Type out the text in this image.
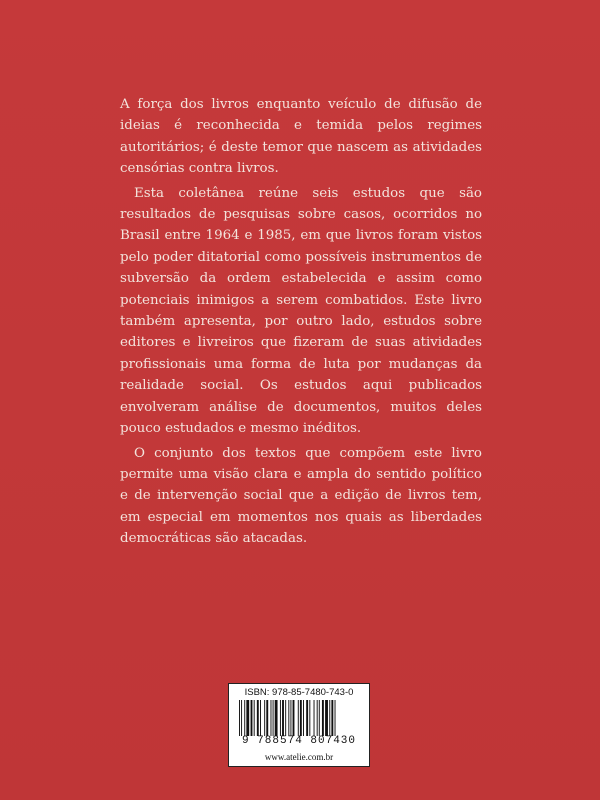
A força dos livros enquanto veículo de difusão de ideias é reconhecida e temida pelos regimes autoritários; é deste temor que nascem as atividades censórias contra livros.

Esta coletânea reúne seis estudos que são resultados de pesquisas sobre casos, ocorridos no Brasil entre 1964 e 1985, em que livros foram vistos pelo poder ditatorial como possíveis instrumentos de subversão da ordem estabelecida e assim como potenciais inimigos a serem combatidos. Este livro também apresenta, por outro lado, estudos sobre editores e livreiros que fizeram de suas atividades profissionais uma forma de luta por mudanças da realidade social. Os estudos aqui publicados envolveram análise de documentos, muitos deles pouco estudados e mesmo inéditos.

O conjunto dos textos que compõem este livro permite uma visão clara e ampla do sentido político e de intervenção social que a edição de livros tem, em especial em momentos nos quais as liberdades democráticas são atacadas.

ISBN: 978-85-7480-743-0
9 788574 807430
www.atelie.com.br
